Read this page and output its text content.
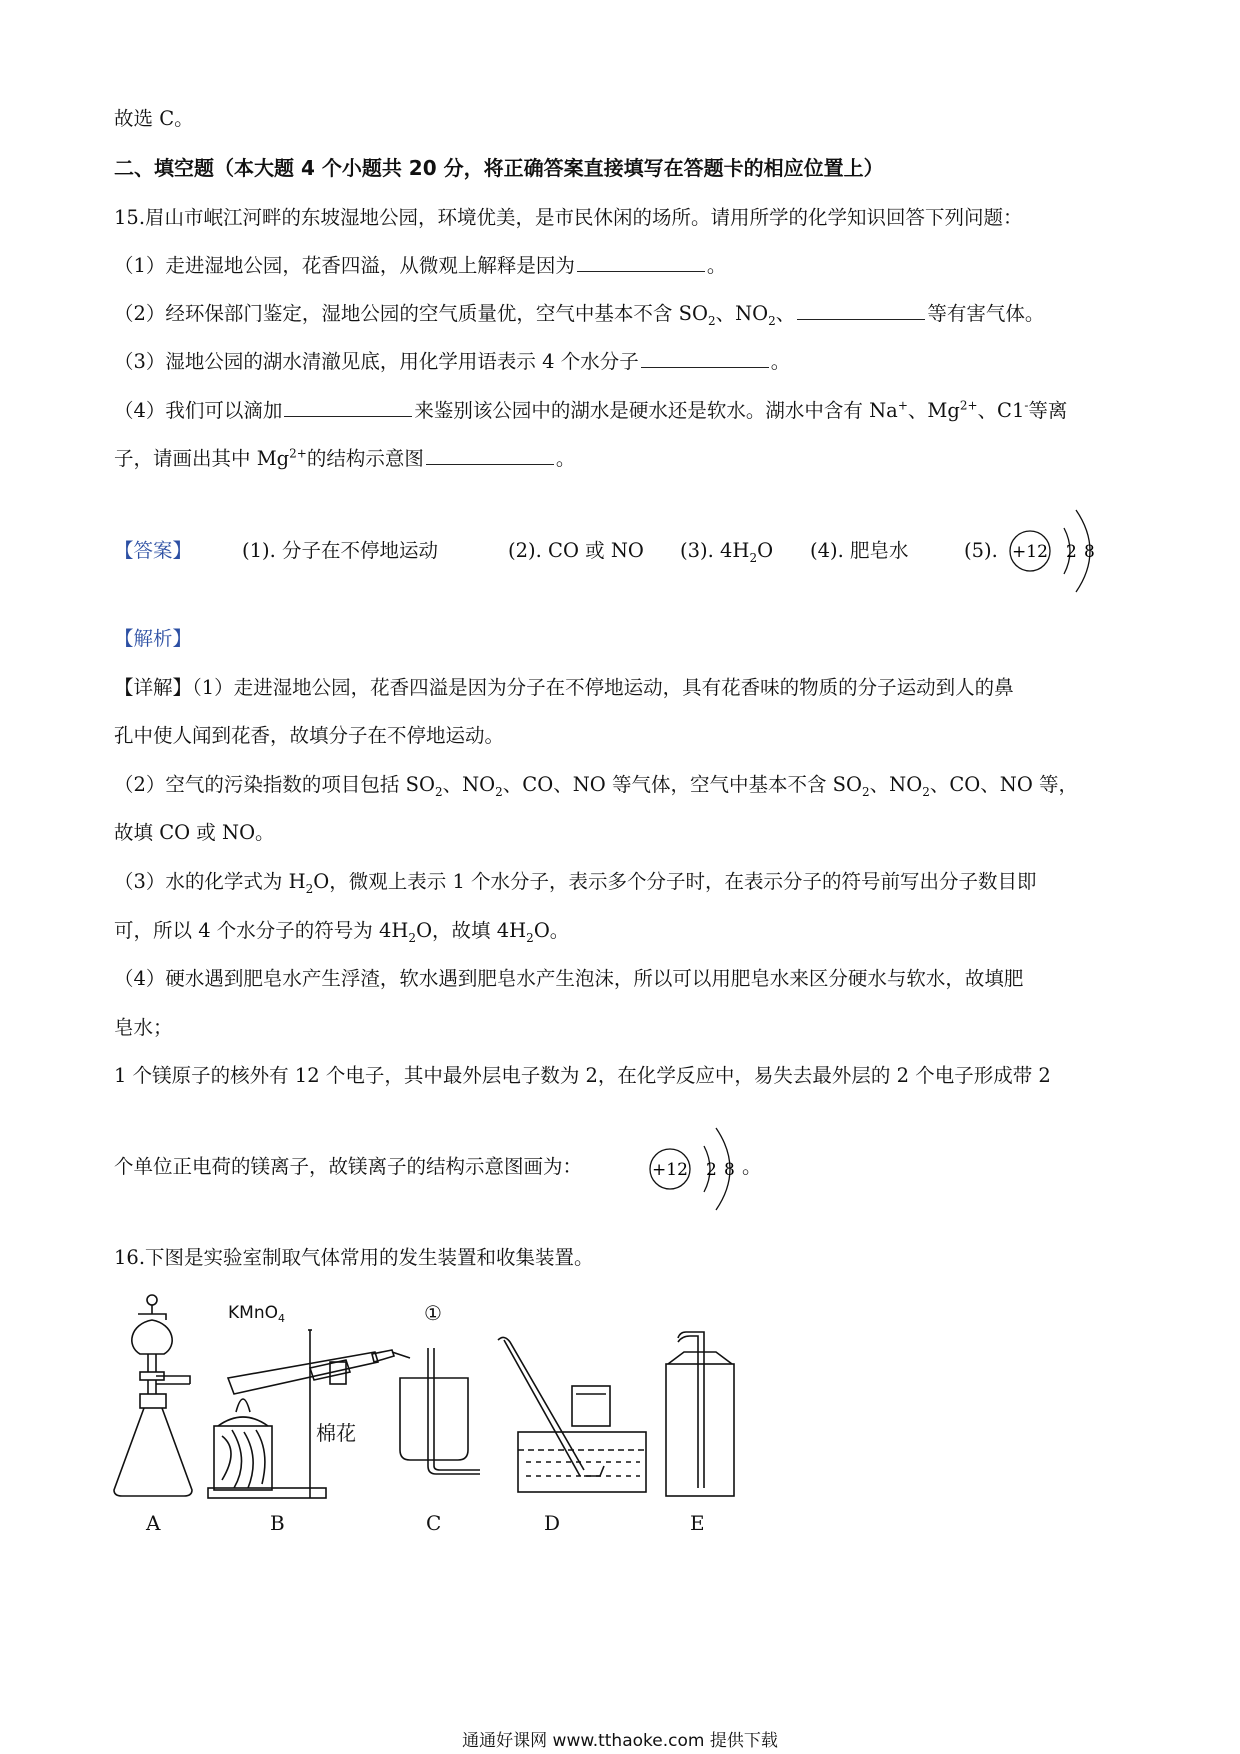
故选 C。
二、填空题（本大题 4 个小题共 20 分，将正确答案直接填写在答题卡的相应位置上）
15.眉山市岷江河畔的东坡湿地公园，环境优美，是市民休闲的场所。请用所学的化学知识回答下列问题：
（1）走进湿地公园，花香四溢，从微观上解释是因为	。
（2）经环保部门鉴定，湿地公园的空气质量优，空气中基本不含 $SO_2$、$NO_2$、	等有害气体。
（3）湿地公园的湖水清澈见底，用化学用语表示 4 个水分子	。
（4）我们可以滴加	来鉴别该公园中的湖水是硬水还是软水。湖水中含有 Na+、$Mg^{2+}$、C1-等离
子，请画出其中 $Mg^{2+}$的结构示意图	。
【答案】	(1). 分子在不停地运动	(2). CO 或 NO (3). $4H_2O$ (4). 肥皂水	(5). +12 2 8
【解析】
【详解】（1）走进湿地公园，花香四溢是因为分子在不停地运动，具有花香味的物质的分子运动到人的鼻
孔中使人闻到花香，故填分子在不停地运动。
（2）空气的污染指数的项目包括 $SO_2$、$NO_2$、CO、NO 等气体，空气中基本不含 $SO_2$、$NO_2$、CO、NO 等，
故填 CO 或 NO。
（3）水的化学式为 $H_2O$，微观上表示 1 个水分子，表示多个分子时，在表示分子的符号前写出分子数目即
可，所以 4 个水分子的符号为 $4H_2O$，故填 $4H_2O$。
（4）硬水遇到肥皂水产生浮渣，软水遇到肥皂水产生泡沫，所以可以用肥皂水来区分硬水与软水，故填肥
皂水；
1 个镁原子的核外有 12 个电子，其中最外层电子数为 2，在化学反应中，易失去最外层的 2 个电子形成带 2
个单位正电荷的镁离子，故镁离子的结构示意图画为：	+12 2 8 。
16.下图是实验室制取气体常用的发生装置和收集装置。
A
KMnO$_4$
棉花
B
①
C	D	E
通通好课网 www.tthaoke.com 提供下载
